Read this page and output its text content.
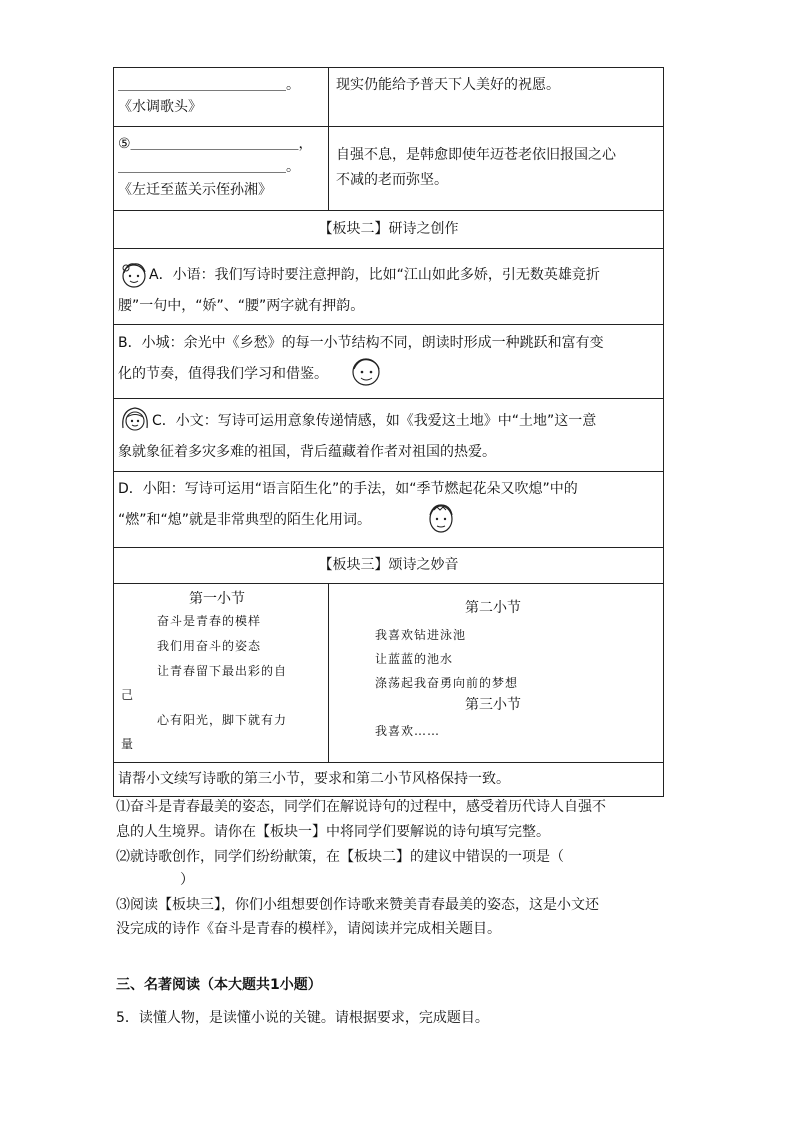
＿＿＿＿＿＿＿＿＿＿＿＿。
《水调歌头》
现实仍能给予普天下人美好的祝愿。
⑤＿＿＿＿＿＿＿＿＿＿＿＿，
＿＿＿＿＿＿＿＿＿＿＿＿。
《左迁至蓝关示侄孙湘》
自强不息，是韩愈即使年迈苍老依旧报国之心
不减的老而弥坚。
【板块二】研诗之创作
A．小语：我们写诗时要注意押韵，比如“江山如此多娇，引无数英雄竞折
腰”一句中，“娇”、“腰”两字就有押韵。
B．小城：余光中《乡愁》的每一小节结构不同，朗读时形成一种跳跃和富有变
化的节奏，值得我们学习和借鉴。
C．小文：写诗可运用意象传递情感，如《我爱这土地》中“土地”这一意
象就象征着多灾多难的祖国，背后蕴藏着作者对祖国的热爱。
D．小阳：写诗可运用“语言陌生化”的手法，如“季节燃起花朵又吹熄”中的
“燃”和“熄”就是非常典型的陌生化用词。
【板块三】颂诗之妙音
第一小节
奋斗是青春的模样
我们用奋斗的姿态
让青春留下最出彩的自
己
心有阳光，脚下就有力
量
第二小节
我喜欢钻进泳池
让蓝蓝的池水
涤荡起我奋勇向前的梦想
第三小节
我喜欢……
请帮小文续写诗歌的第三小节，要求和第二小节风格保持一致。
⑴奋斗是青春最美的姿态，同学们在解说诗句的过程中，感受着历代诗人自强不
息的人生境界。请你在【板块一】中将同学们要解说的诗句填写完整。
⑵就诗歌创作，同学们纷纷献策，在【板块二】的建议中错误的一项是（
）
⑶阅读【板块三】，你们小组想要创作诗歌来赞美青春最美的姿态，这是小文还
没完成的诗作《奋斗是青春的模样》，请阅读并完成相关题目。
三、名著阅读（本大题共1小题）
5．读懂人物，是读懂小说的关键。请根据要求，完成题目。
